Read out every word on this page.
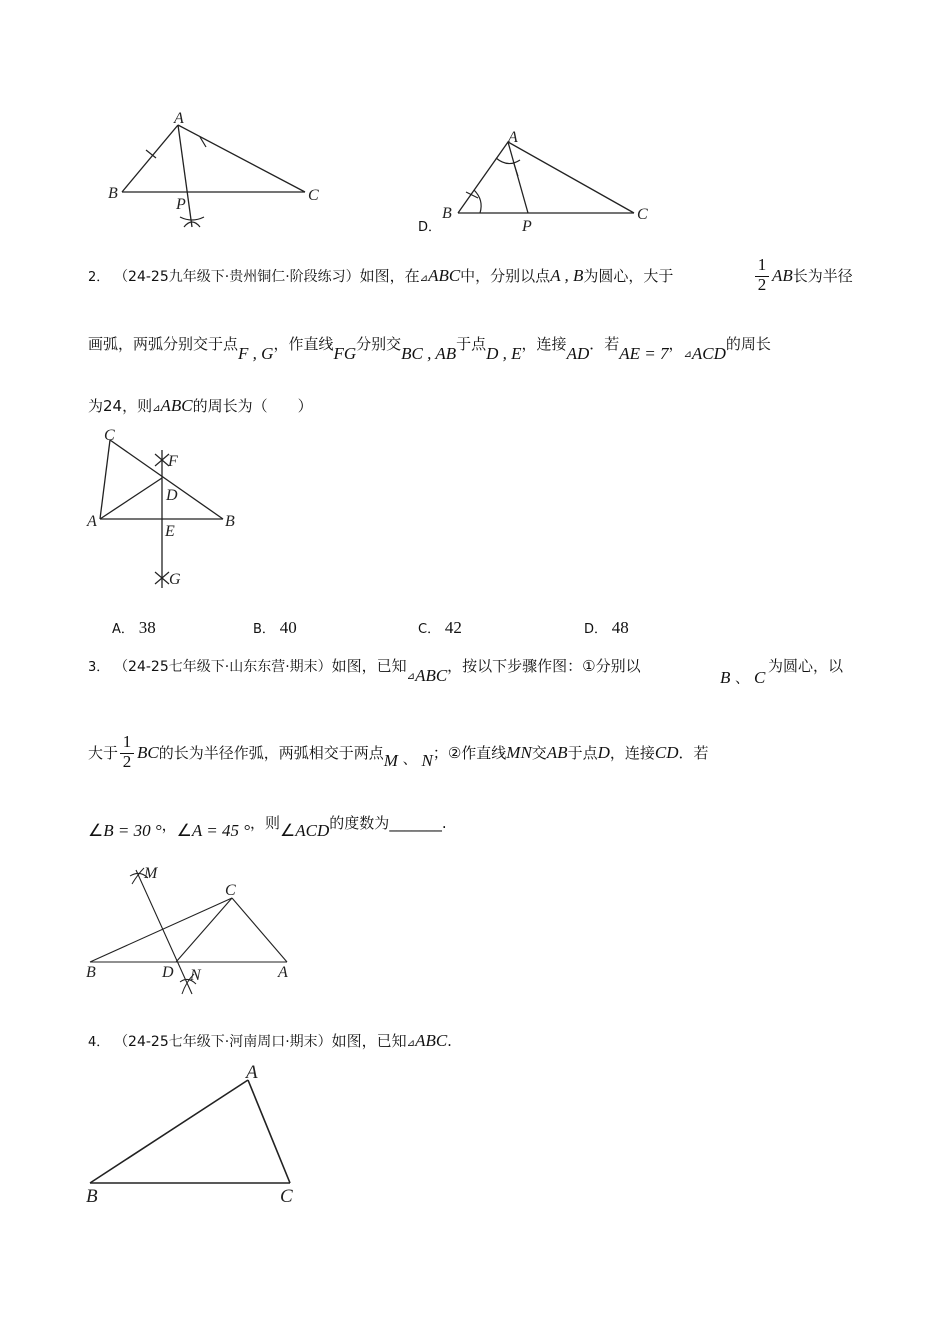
A
B	C
P
D．
A
B	C
P
2． （24-25九年级下·贵州铜仁·阶段练习）如图，在⊿ABC中，分别以点A , B为圆心，大于
1
2 AB长为半径
画弧，两弧分别交于点F , G，作直线FG分别交BC , AB于点D , E，连接AD．若AE = 7，$_⊿$ACD的周长
为24，则⊿ABC的周长为（　　）
C
F
D
A
E
B
G
A． 38	B． 40	C． 42	D． 48
3． （24-25七年级下·山东东营·期末）如图，已知$_⊿$ABC，按以下步骤作图：①分别以
B 、 C
为圆心，以
大于
1
2 BC的长为半径作弧，两弧相交于两点M 、 N；②作直线MN交AB于点D，连接CD．若
∠B = 30 °，∠A = 45 °，则∠ACD的度数为_______.
M
C
B	D N	A
4． （24-25七年级下·河南周口·期末）如图，已知⊿ABC.
A
B	C
